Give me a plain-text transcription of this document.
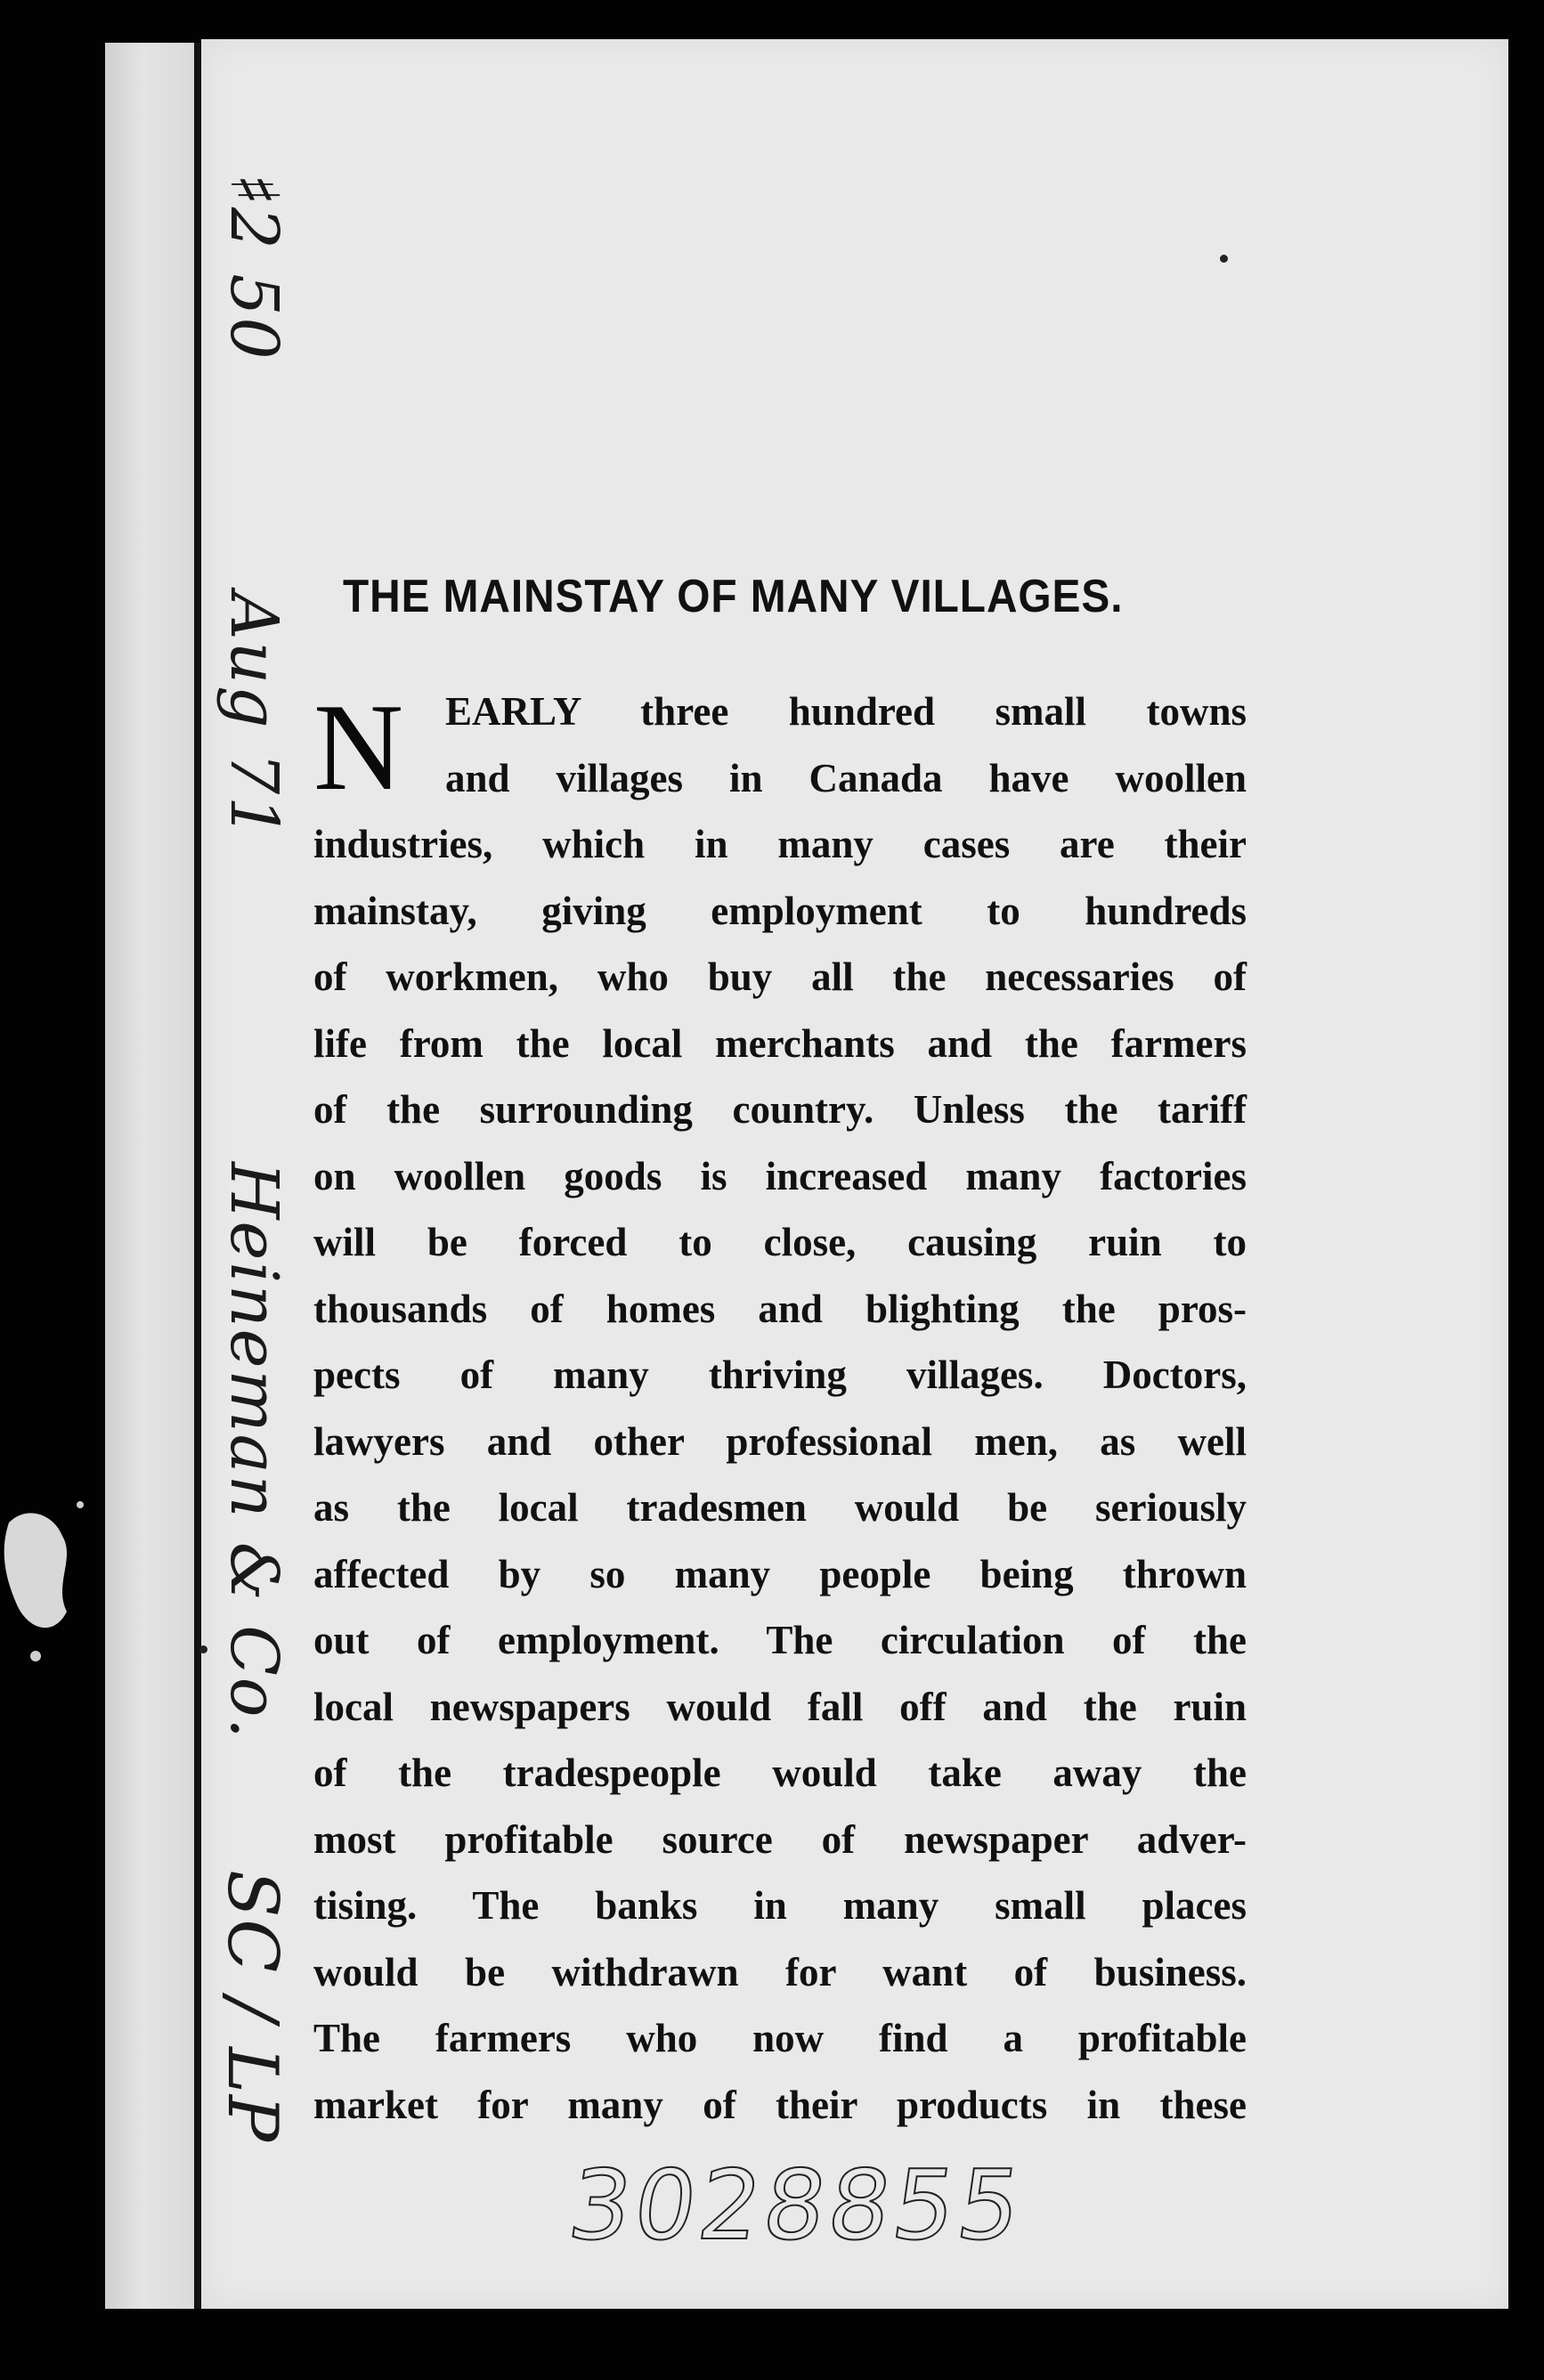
♯2 50
Aug 71
Heineman & Co.
SC / LP
THE MAINSTAY OF MANY VILLAGES.
N EARLY three hundred small towns
and villages in Canada have woollen
industries, which in many cases are their
mainstay, giving employment to hundreds
of workmen, who buy all the necessaries of
life from the local merchants and the farmers
of the surrounding country. Unless the tariff
on woollen goods is increased many factories
will be forced to close, causing ruin to
thousands of homes and blighting the pros-
pects of many thriving villages. Doctors,
lawyers and other professional men, as well
as the local tradesmen would be seriously
affected by so many people being thrown
out of employment. The circulation of the
local newspapers would fall off and the ruin
of the tradespeople would take away the
most profitable source of newspaper adver-
tising. The banks in many small places
would be withdrawn for want of business.
The farmers who now find a profitable
market for many of their products in these
3028855
